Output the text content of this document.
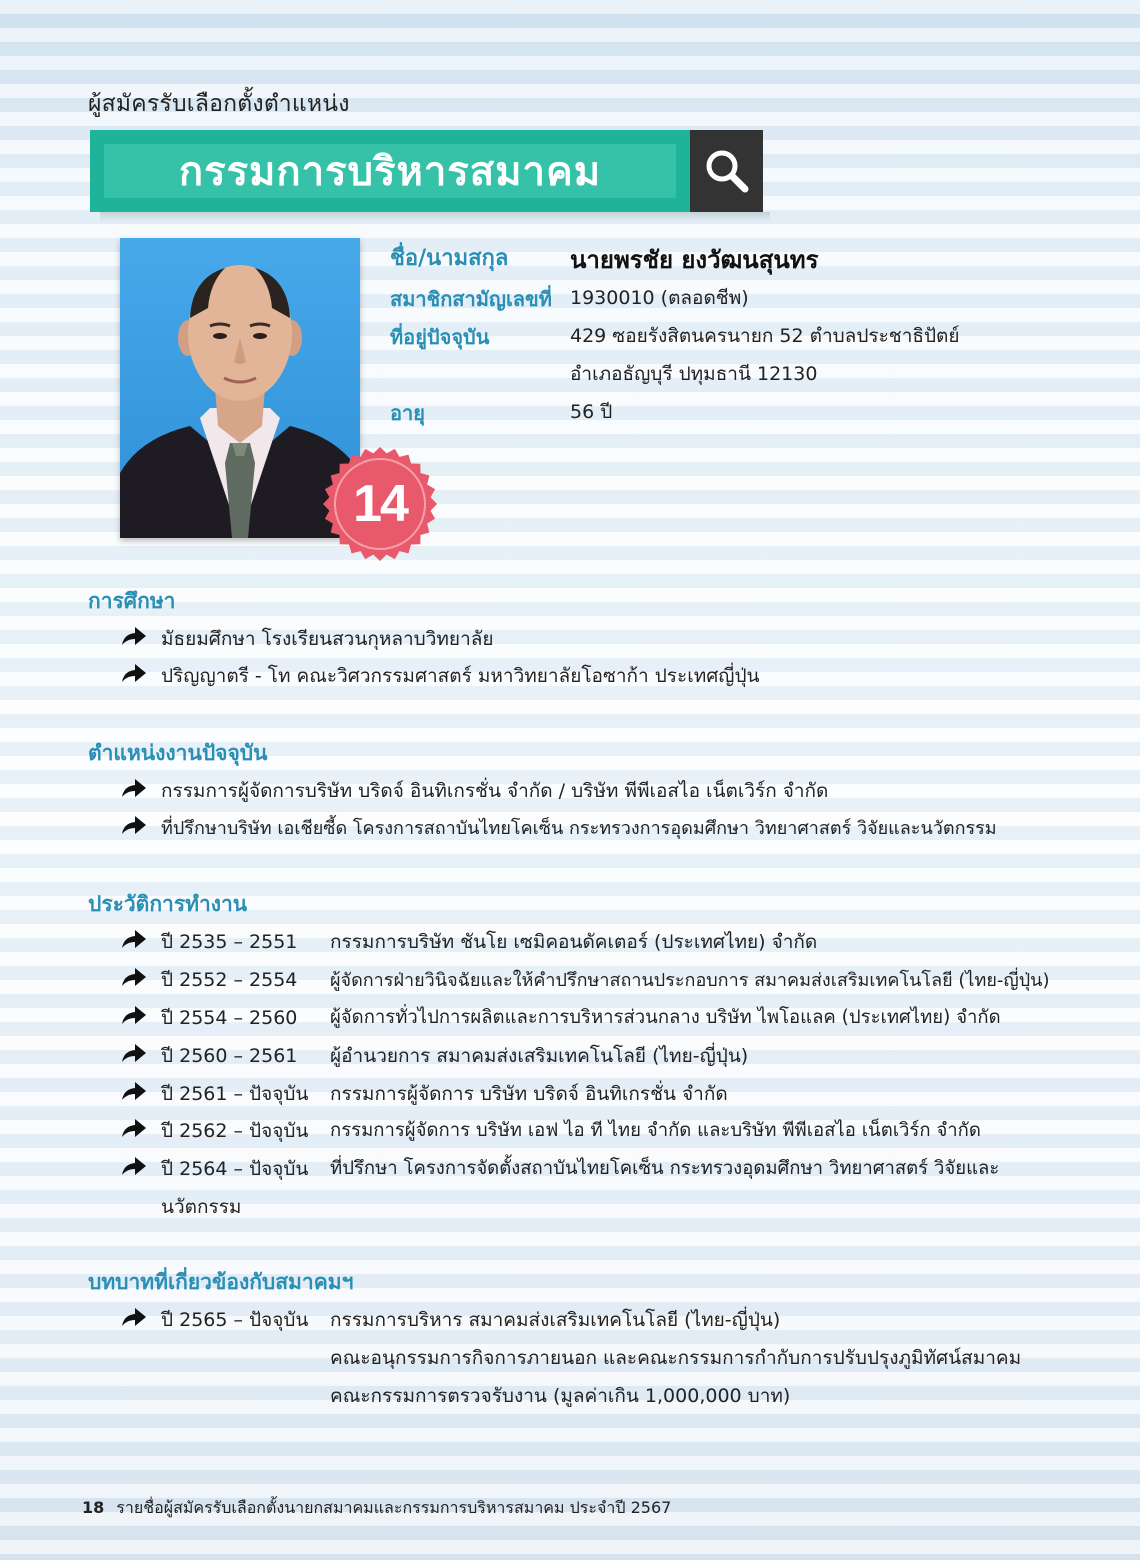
ผู้สมัครรับเลือกตั้งตำแหน่ง
กรรมการบริหารสมาคม
14
ชื่อ/นามสกุล	นายพรชัย ยงวัฒนสุนทร
สมาชิกสามัญเลขที่ 1930010 (ตลอดชีพ)
ที่อยู่ปัจจุบัน	429 ซอยรังสิตนครนายก 52 ตำบลประชาธิปัตย์
อำเภอธัญบุรี ปทุมธานี 12130
อายุ	56 ปี
การศึกษา
มัธยมศึกษา โรงเรียนสวนกุหลาบวิทยาลัย
ปริญญาตรี - โท คณะวิศวกรรมศาสตร์ มหาวิทยาลัยโอซาก้า ประเทศญี่ปุ่น
ตำแหน่งงานปัจจุบัน
กรรมการผู้จัดการบริษัท บริดจ์ อินทิเกรชั่น จำกัด / บริษัท พีพีเอสไอ เน็ตเวิร์ก จำกัด
ที่ปรึกษาบริษัท เอเชียซี้ด โครงการสถาบันไทยโคเซ็น กระทรวงการอุดมศึกษา วิทยาศาสตร์ วิจัยและนวัตกรรม
ประวัติการทำงาน
ปี 2535 – 2551 กรรมการบริษัท ชันโย เซมิคอนดัคเตอร์ (ประเทศไทย) จำกัด
ปี 2552 – 2554 ผู้จัดการฝ่ายวินิจฉัยและให้คำปรึกษาสถานประกอบการ สมาคมส่งเสริมเทคโนโลยี (ไทย-ญี่ปุ่น)
ปี 2554 – 2560 ผู้จัดการทั่วไปการผลิตและการบริหารส่วนกลาง บริษัท ไพโอแลค (ประเทศไทย) จำกัด
ปี 2560 – 2561 ผู้อำนวยการ สมาคมส่งเสริมเทคโนโลยี (ไทย-ญี่ปุ่น)
ปี 2561 – ปัจจุบัน กรรมการผู้จัดการ บริษัท บริดจ์ อินทิเกรชั่น จำกัด
ปี 2562 – ปัจจุบัน กรรมการผู้จัดการ บริษัท เอฟ ไอ ที ไทย จำกัด และบริษัท พีพีเอสไอ เน็ตเวิร์ก จำกัด
ปี 2564 – ปัจจุบัน ที่ปรึกษา โครงการจัดตั้งสถาบันไทยโคเซ็น กระทรวงอุดมศึกษา วิทยาศาสตร์ วิจัยและ
นวัตกรรม
บทบาทที่เกี่ยวข้องกับสมาคมฯ
ปี 2565 – ปัจจุบัน กรรมการบริหาร สมาคมส่งเสริมเทคโนโลยี (ไทย-ญี่ปุ่น)
คณะอนุกรรมการกิจการภายนอก และคณะกรรมการกำกับการปรับปรุงภูมิทัศน์สมาคม
คณะกรรมการตรวจรับงาน (มูลค่าเกิน 1,000,000 บาท)
18 รายชื่อผู้สมัครรับเลือกตั้งนายกสมาคมและกรรมการบริหารสมาคม ประจำปี 2567
